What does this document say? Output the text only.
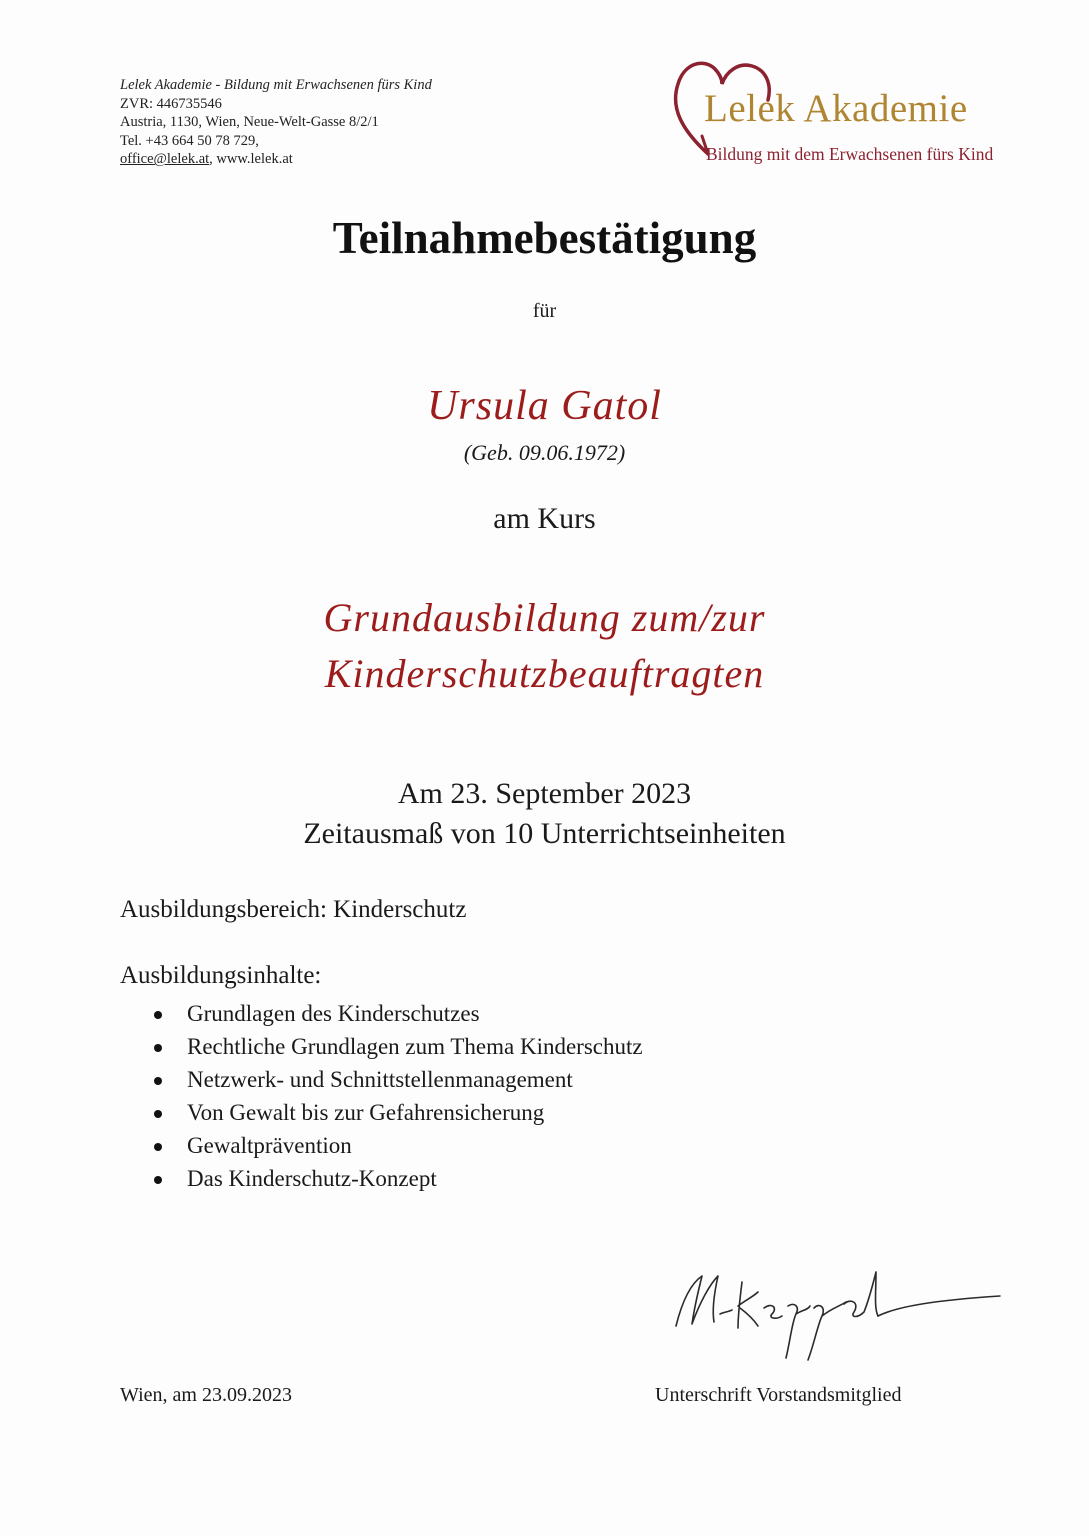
Lelek Akademie - Bildung mit Erwachsenen fürs Kind
ZVR: 446735546
Austria, 1130, Wien, Neue-Welt-Gasse 8/2/1
Tel. +43 664 50 78 729,
office@lelek.at, www.lelek.at
Lelek Akademie
Bildung mit dem Erwachsenen fürs Kind
Teilnahmebestätigung
für
Ursula Gatol
(Geb. 09.06.1972)
am Kurs
Grundausbildung zum/zur
Kinderschutzbeauftragten
Am 23. September 2023
Zeitausmaß von 10 Unterrichtseinheiten
Ausbildungsbereich: Kinderschutz
Ausbildungsinhalte:
Grundlagen des Kinderschutzes
Rechtliche Grundlagen zum Thema Kinderschutz
Netzwerk- und Schnittstellenmanagement
Von Gewalt bis zur Gefahrensicherung
Gewaltprävention
Das Kinderschutz-Konzept
Wien, am 23.09.2023	Unterschrift Vorstandsmitglied
